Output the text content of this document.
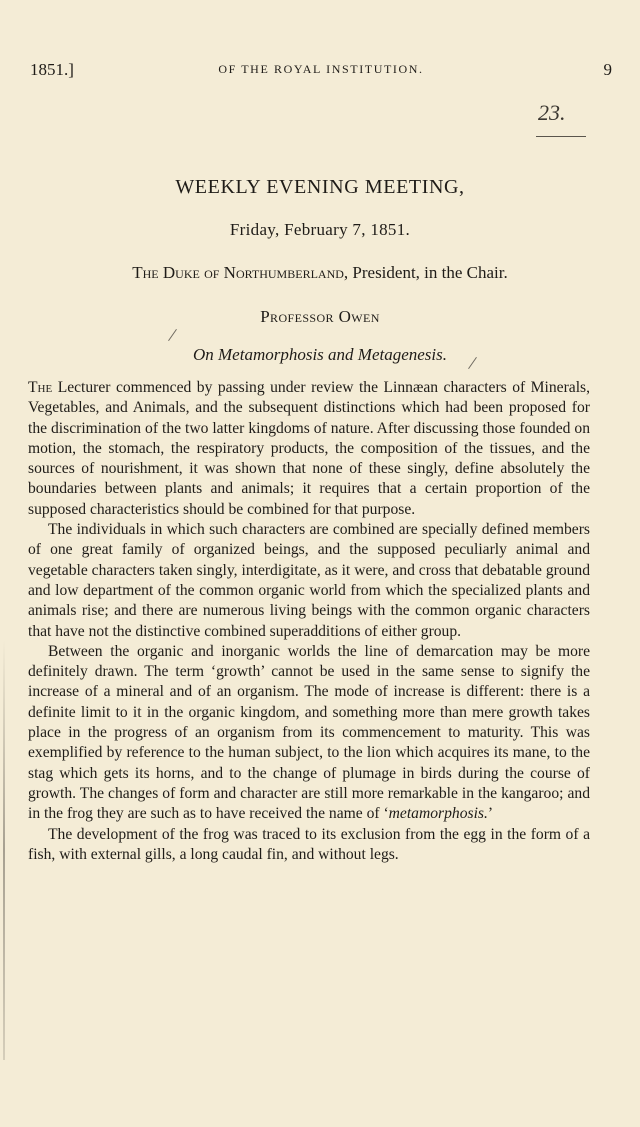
1851.]	OF THE ROYAL INSTITUTION.	9
23.
WEEKLY EVENING MEETING,
Friday, February 7, 1851.
The Duke of Northumberland, President, in the Chair.
Professor Owen
On Metamorphosis and Metagenesis.

The Lecturer commenced by passing under review the Linnæan characters of Minerals, Vegetables, and Animals, and the subsequent distinctions which had been proposed for the discrimination of the two latter kingdoms of nature. After discussing those founded on motion, the stomach, the respiratory products, the composition of the tissues, and the sources of nourishment, it was shown that none of these singly, define absolutely the boundaries between plants and animals; it requires that a certain proportion of the supposed characteristics should be combined for that purpose.

The individuals in which such characters are combined are specially defined members of one great family of organized beings, and the supposed peculiarly animal and vegetable characters taken singly, interdigitate, as it were, and cross that debatable ground and low department of the common organic world from which the specialized plants and animals rise; and there are numerous living beings with the common organic characters that have not the distinctive combined superadditions of either group.

Between the organic and inorganic worlds the line of demarcation may be more definitely drawn. The term ‘growth’ cannot be used in the same sense to signify the increase of a mineral and of an organism. The mode of increase is different: there is a definite limit to it in the organic kingdom, and something more than mere growth takes place in the progress of an organism from its commencement to maturity. This was exemplified by reference to the human subject, to the lion which acquires its mane, to the stag which gets its horns, and to the change of plumage in birds during the course of growth. The changes of form and character are still more remarkable in the kangaroo; and in the frog they are such as to have received the name of ‘metamorphosis.’

The development of the frog was traced to its exclusion from the egg in the form of a fish, with external gills, a long caudal fin, and without legs.
